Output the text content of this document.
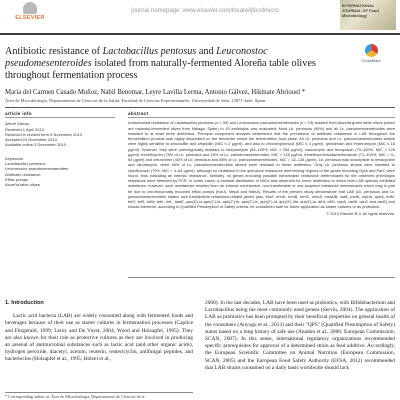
ELSEVIER
journal homepage: www.elsevier.com/locate/ijfoodmicro
INTERNATIONAL JOURNAL OF Food Microbiology
Antibiotic resistance of Lactobacillus pentosus and Leuconostoc pseudomesenteroides isolated from naturally-fermented Aloreña table olives throughout fermentation process
CrossMark
María del Carmen Casado Muñoz, Nabil Benomar, Leyre Lavilla Lerma, Antonio Gálvez, Hikmate Abriouel *
Área de Microbiología, Departamento de Ciencias de la Salud, Facultad de Ciencias Experimentales, Universidad de Jaén, 23071-Jaén, Spain
article info
Article history:
Received 1 April 2013
Received in revised form 5 November 2013
Accepted 24 November 2013
Available online 3 December 2013
Keywords:
Lactobacillus pentosus
Leuconostoc pseudomesenteroides
Antibiotic resistance
Efflux pumps
Aloreña table olives
abstract
Antimicrobial resistance of Lactobacillus pentosus (n = 59) and Leuconostoc pseudomesenteroides (n = 13) isolated from Aloreña green table olives (which are naturally-fermented olives from Málaga, Spain) to 15 antibiotics was evaluated. Most Lb. pentosus (95%) and all Lc. pseudomesenteroides were resistant to at least three antibiotics. Principal component analysis determined that the prevalence of antibiotic resistance in LAB throughout the fermentation process was highly dependent on the fermenter where the fermentation took place. All Lb. pentosus and Lc. pseudomesenteroides strains were highly sensitive to amoxicillin and ampicillin (MIC ≤ 2 μg/ml), and also to chloramphenicol (MIC ≤ 4 μg/ml), gentamicin and erythromycin (MIC ≤ 16 μg/ml). However, they were phenotypically resistant to streptomycin (83–100%, MIC > 256 μg/ml), vancomycin and teicoplanin (70–100%, MIC > 128 μg/ml), trimethoprim (76% of Lb. pentosus and 15% of Lc. pseudomesenteroides; MIC > 128 μg/ml), trimethoprim/sulfamethoxazole (71–100%, MIC > 4–64 μg/ml) and cefuroxime (44% of Lb. pentosus and 85% of Lc. pseudomesenteroides, MIC = 32–128 μg/ml). Lb. pentosus was susceptible to tetracycline and clindamycin, while 46% of Lc. pseudomesenteroides strains were resistant to these antibiotics. Only Lb. pentosus strains were resistant to ciprofloxacin (70%, MIC = 4–64 μg/ml), although no mutations in the quinolone resistance determining regions of the genes encoding GyrA and ParC were found, thus indicating an intrinsic resistance. Similarly, no genes encoding possible transferable resistance determinants for the observed phenotypic resistance were detected by PCR. In some cases, a bimodal distribution of MICs was observed for some antibiotics to which both LAB species exhibited resistance; however, such resistances resulted from an intrinsic mechanism, non-transferable or non-acquired resistance determinants which may in part be due to chromosomally encoded efflux pumps (NorA, MepA and MdeA). Results of the present study demonstrate that LAB (Lb. pentosus and Lc. pseudomesenteroides strains lack transferable resistance-related genes (aac, blaZ, ermA, ermB, ermC, mecA, msrA/B, catA, mefA, mphA, aphA, tetM, tetO, tetS, tetW, tetK, tetL, aadE, aac(6’)-Ie-aph(2’)-Ia, aph(2’)-Ib, aph(2’)-Ic, aph(2’)-Id, aph(3’)-IIIa, ant(4’)-Ia, dfrA, dfrD, vanA, vanB, vanC and vanE) and should therefore, according to Qualified Presumption of Safety criteria, be considered safe for future application as starter cultures or as probiotics.
© 2013 Elsevier B.V. All rights reserved.
1. Introduction
Lactic acid bacteria (LAB) are widely consumed along with fermented foods and beverages because of their use as starter cultures in fermentation processes (Caplice and Fitzgerald, 1999; Leroy and De Vuyst, 2004; Wood and Holzapfel, 1995). They are also known for their role as protective cultures as they are involved in producing an arsenal of antimicrobial substances such as lactic acid (and other organic acids), hydrogen peroxide, diacetyl, acetoin, reuterin, reutericyclin, antifungal peptides, and bacteriocins (Holzapfel et al., 1995; Holzel et al.,
2000). In the last decades, LAB have been used as probiotics, with Bifidobacterium and Lactobacillus being the most commonly used genera (Servin, 2004). The application of LAB as probiotics has been prompted by their beneficial properties on general health of the consumers (Anyogu et al., 2013) and their "QPS" (Qualified Presumption of Safety) status based on a long history of safe use (Anadon et al., 2006; European Commission; SCAN, 2007). In this sense, international regulatory organizations recommended specific prerequisites for approval of a determined strain as feed additive. Accordingly, the European Scientific Committee on Animal Nutrition (European Commission, SCAN, 2005) and the European Food Safety Authority (EFSA, 2012) recommended that LAB strains consumed on a daily basis worldwide should lack
* Corresponding author at: Área de Microbiología, Departamento de Ciencias de la
